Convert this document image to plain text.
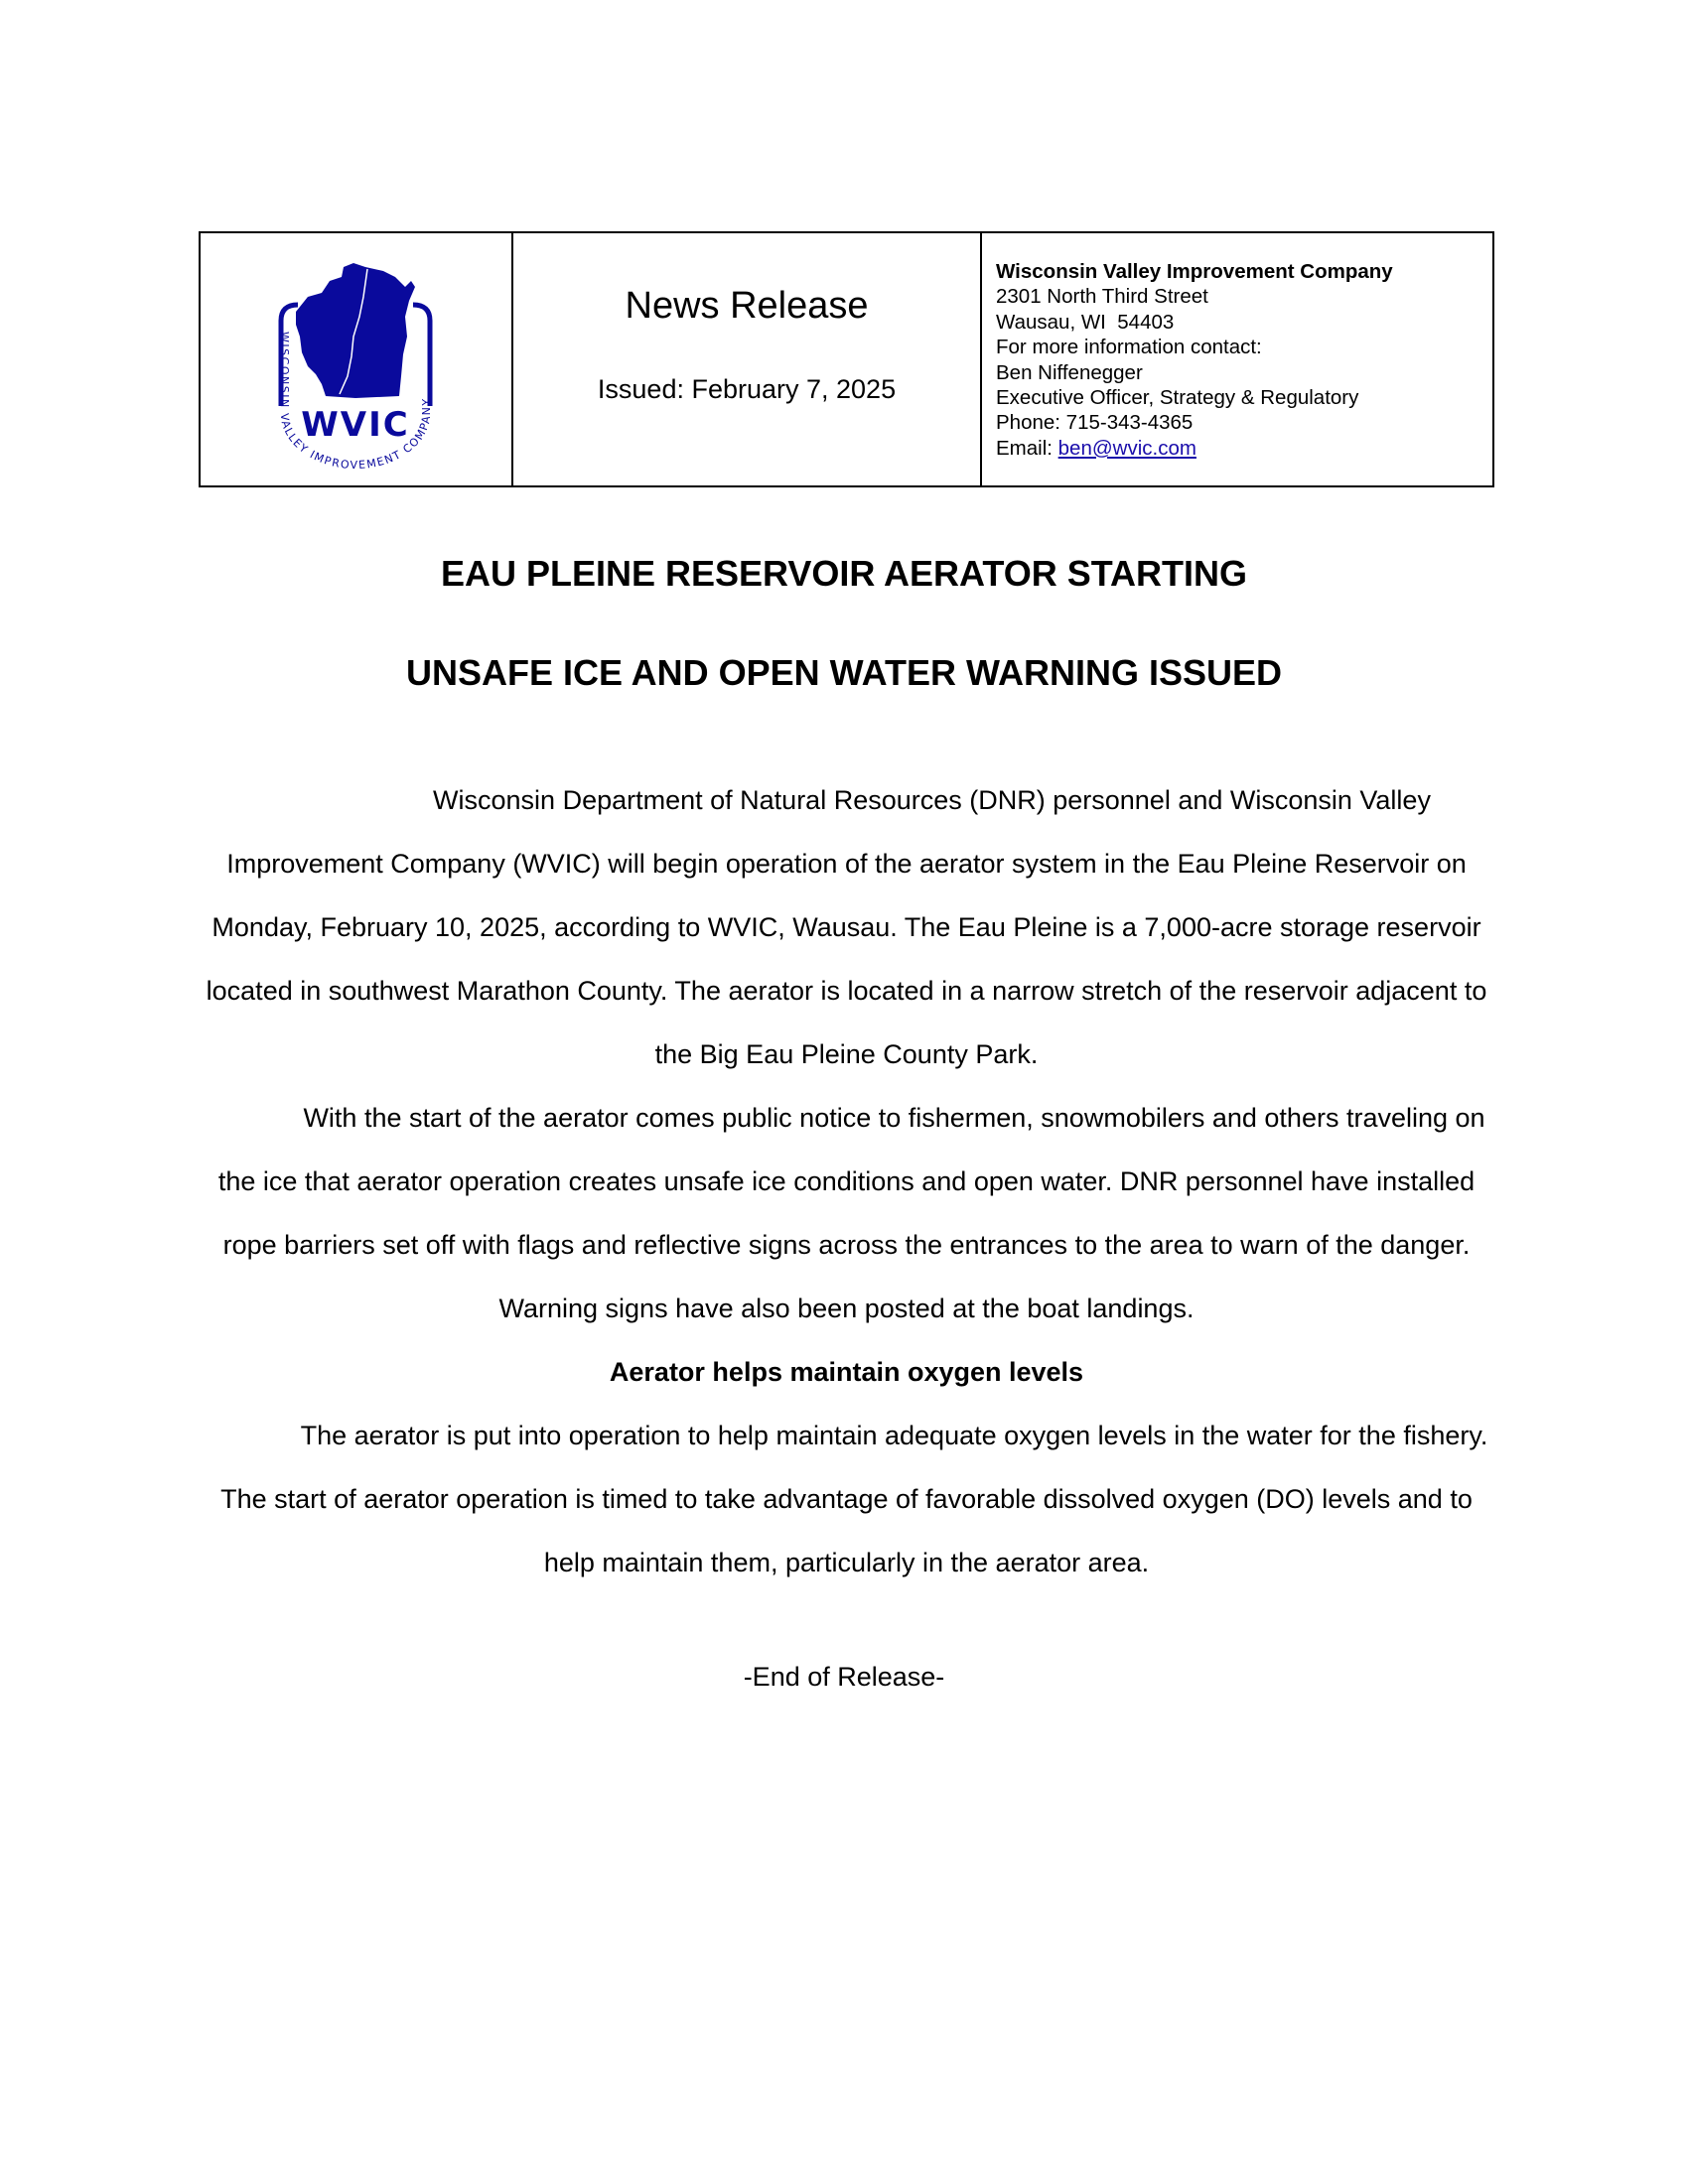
WVIC
WISCONSIN VALLEY IMPROVEMENT COMPANY
News Release
Issued: February 7, 2025
Wisconsin Valley Improvement Company
2301 North Third Street
Wausau, WI  54403
For more information contact:
Ben Niffenegger
Executive Officer, Strategy & Regulatory
Phone: 715-343-4365
Email: ben@wvic.com
EAU PLEINE RESERVOIR AERATOR STARTING
UNSAFE ICE AND OPEN WATER WARNING ISSUED

Wisconsin Department of Natural Resources (DNR) personnel and Wisconsin Valley Improvement Company (WVIC) will begin operation of the aerator system in the Eau Pleine Reservoir on Monday, February 10, 2025, according to WVIC, Wausau. The Eau Pleine is a 7,000-acre storage reservoir located in southwest Marathon County. The aerator is located in a narrow stretch of the reservoir adjacent to the Big Eau Pleine County Park.

With the start of the aerator comes public notice to fishermen, snowmobilers and others traveling on the ice that aerator operation creates unsafe ice conditions and open water. DNR personnel have installed rope barriers set off with flags and reflective signs across the entrances to the area to warn of the danger. Warning signs have also been posted at the boat landings.

Aerator helps maintain oxygen levels

The aerator is put into operation to help maintain adequate oxygen levels in the water for the fishery. The start of aerator operation is timed to take advantage of favorable dissolved oxygen (DO) levels and to help maintain them, particularly in the aerator area.

-End of Release-
